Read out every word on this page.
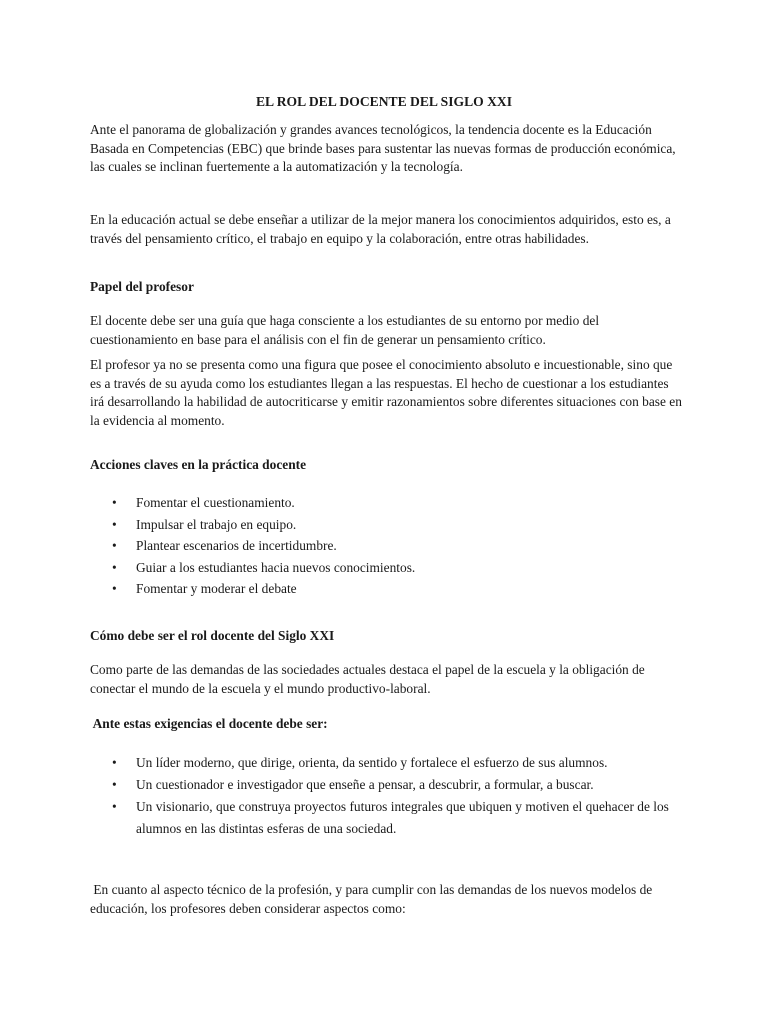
EL ROL DEL DOCENTE DEL SIGLO XXI

Ante el panorama de globalización y grandes avances tecnológicos, la tendencia docente es la Educación Basada en Competencias (EBC) que brinde bases para sustentar las nuevas formas de producción económica, las cuales se inclinan fuertemente a la automatización y la tecnología.

En la educación actual se debe enseñar a utilizar de la mejor manera los conocimientos adquiridos, esto es, a través del pensamiento crítico, el trabajo en equipo y la colaboración, entre otras habilidades.

Papel del profesor

El docente debe ser una guía que haga consciente a los estudiantes de su entorno por medio del cuestionamiento en base para el análisis con el fin de generar un pensamiento crítico.

El profesor ya no se presenta como una figura que posee el conocimiento absoluto e incuestionable, sino que es a través de su ayuda como los estudiantes llegan a las respuestas. El hecho de cuestionar a los estudiantes irá desarrollando la habilidad de autocriticarse y emitir razonamientos sobre diferentes situaciones con base en la evidencia al momento.

Acciones claves en la práctica docente

• Fomentar el cuestionamiento.
• Impulsar el trabajo en equipo.
• Plantear escenarios de incertidumbre.
• Guiar a los estudiantes hacia nuevos conocimientos.
• Fomentar y moderar el debate

Cómo debe ser el rol docente del Siglo XXI

Como parte de las demandas de las sociedades actuales destaca el papel de la escuela y la obligación de conectar el mundo de la escuela y el mundo productivo-laboral.

Ante estas exigencias el docente debe ser:

• Un líder moderno, que dirige, orienta, da sentido y fortalece el esfuerzo de sus alumnos.
• Un cuestionador e investigador que enseñe a pensar, a descubrir, a formular, a buscar.
• Un visionario, que construya proyectos futuros integrales que ubiquen y motiven el quehacer de los alumnos en las distintas esferas de una sociedad.

En cuanto al aspecto técnico de la profesión, y para cumplir con las demandas de los nuevos modelos de educación, los profesores deben considerar aspectos como:
